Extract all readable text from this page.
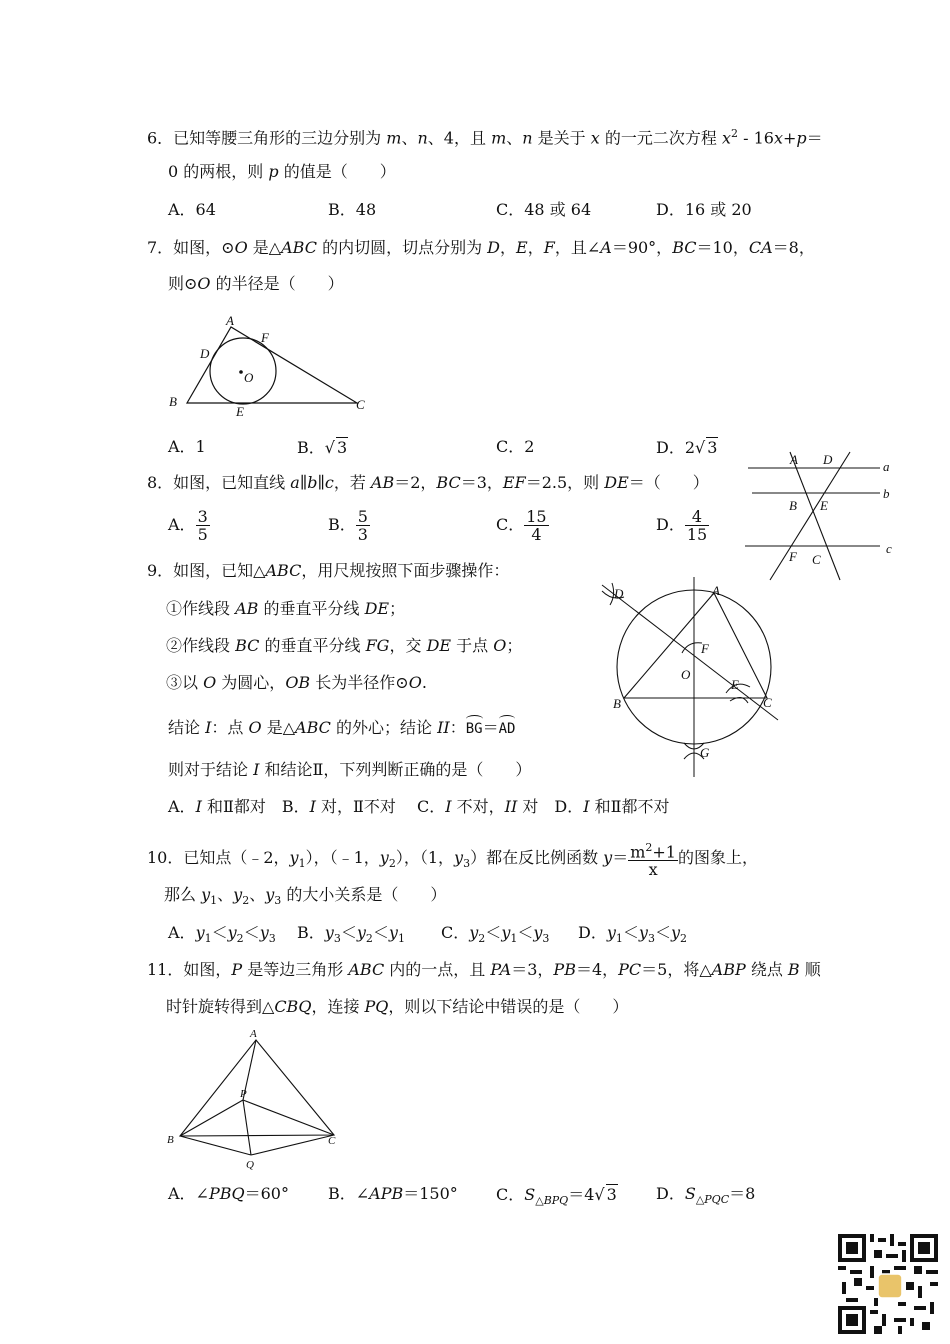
6．已知等腰三角形的三边分别为 m、n、4，且 m、n 是关于 x 的一元二次方程 $x^2 - 16x+p=$
0 的两根，则 p 的值是（　　）
A．64	B．48	C．48 或 64	D．16 或 20
7．如图，⊙O 是△ABC 的内切圆，切点分别为 D，E，F，且∠A＝90°，BC＝10，CA＝8，
则⊙O 的半径是（　　）
A
F
D
O
B
E	C
A．1	B．√ 3	C．2	D．2√ 3
8．如图，已知直线 a∥b∥c，若 AB＝2，BC＝3，EF＝2.5，则 DE＝（　　）
A． $\frac{3}{5}$	B． $\frac{5}{3}$	C． $\frac{15}{4}$	D． $\frac{4}{15}$
A D	a
b
B E
c
F C
9．如图，已知△ABC，用尺规按照下面步骤操作：
①作线段 AB 的垂直平分线 DE；
②作线段 BC 的垂直平分线 FG，交 DE 于点 O；
③以 O 为圆心，OB 长为半径作⊙O.
结论 I：点 O 是△ABC 的外心；结论 II：BG＝AD
则对于结论 I 和结论Ⅱ，下列判断正确的是（　　）
A．I 和Ⅱ都对　B．I 对，Ⅱ不对　 C．I 不对，II 对　D．I 和Ⅱ都不对
D	A
F
O
E
B	C
G
10．已知点（﹣2，$y_1$），（﹣1，$y_2$），（1，$y_3$）都在反比例函数 $y= \frac{m^2+1}{x}$ 的图象上，
那么 $y_1$、$y_2$、$y_3$ 的大小关系是（　　）
A．$y_1<y_2<y_3$ B．$y_3<y_2<y_1$ C．$y_2<y_1<y_3$ D．$y_1<y_3<y_2$
11．如图，P 是等边三角形 ABC 内的一点，且 PA＝3，PB＝4，PC＝5，将△ABP 绕点 B 顺
时针旋转得到△CBQ，连接 PQ，则以下结论中错误的是（　　）
A
P
B	C
Q
A．∠PBQ＝60° B．∠APB＝150° C．$S_{\triangle BPQ}=4√$ 3 D．$S_{\triangle PQC}=8$
